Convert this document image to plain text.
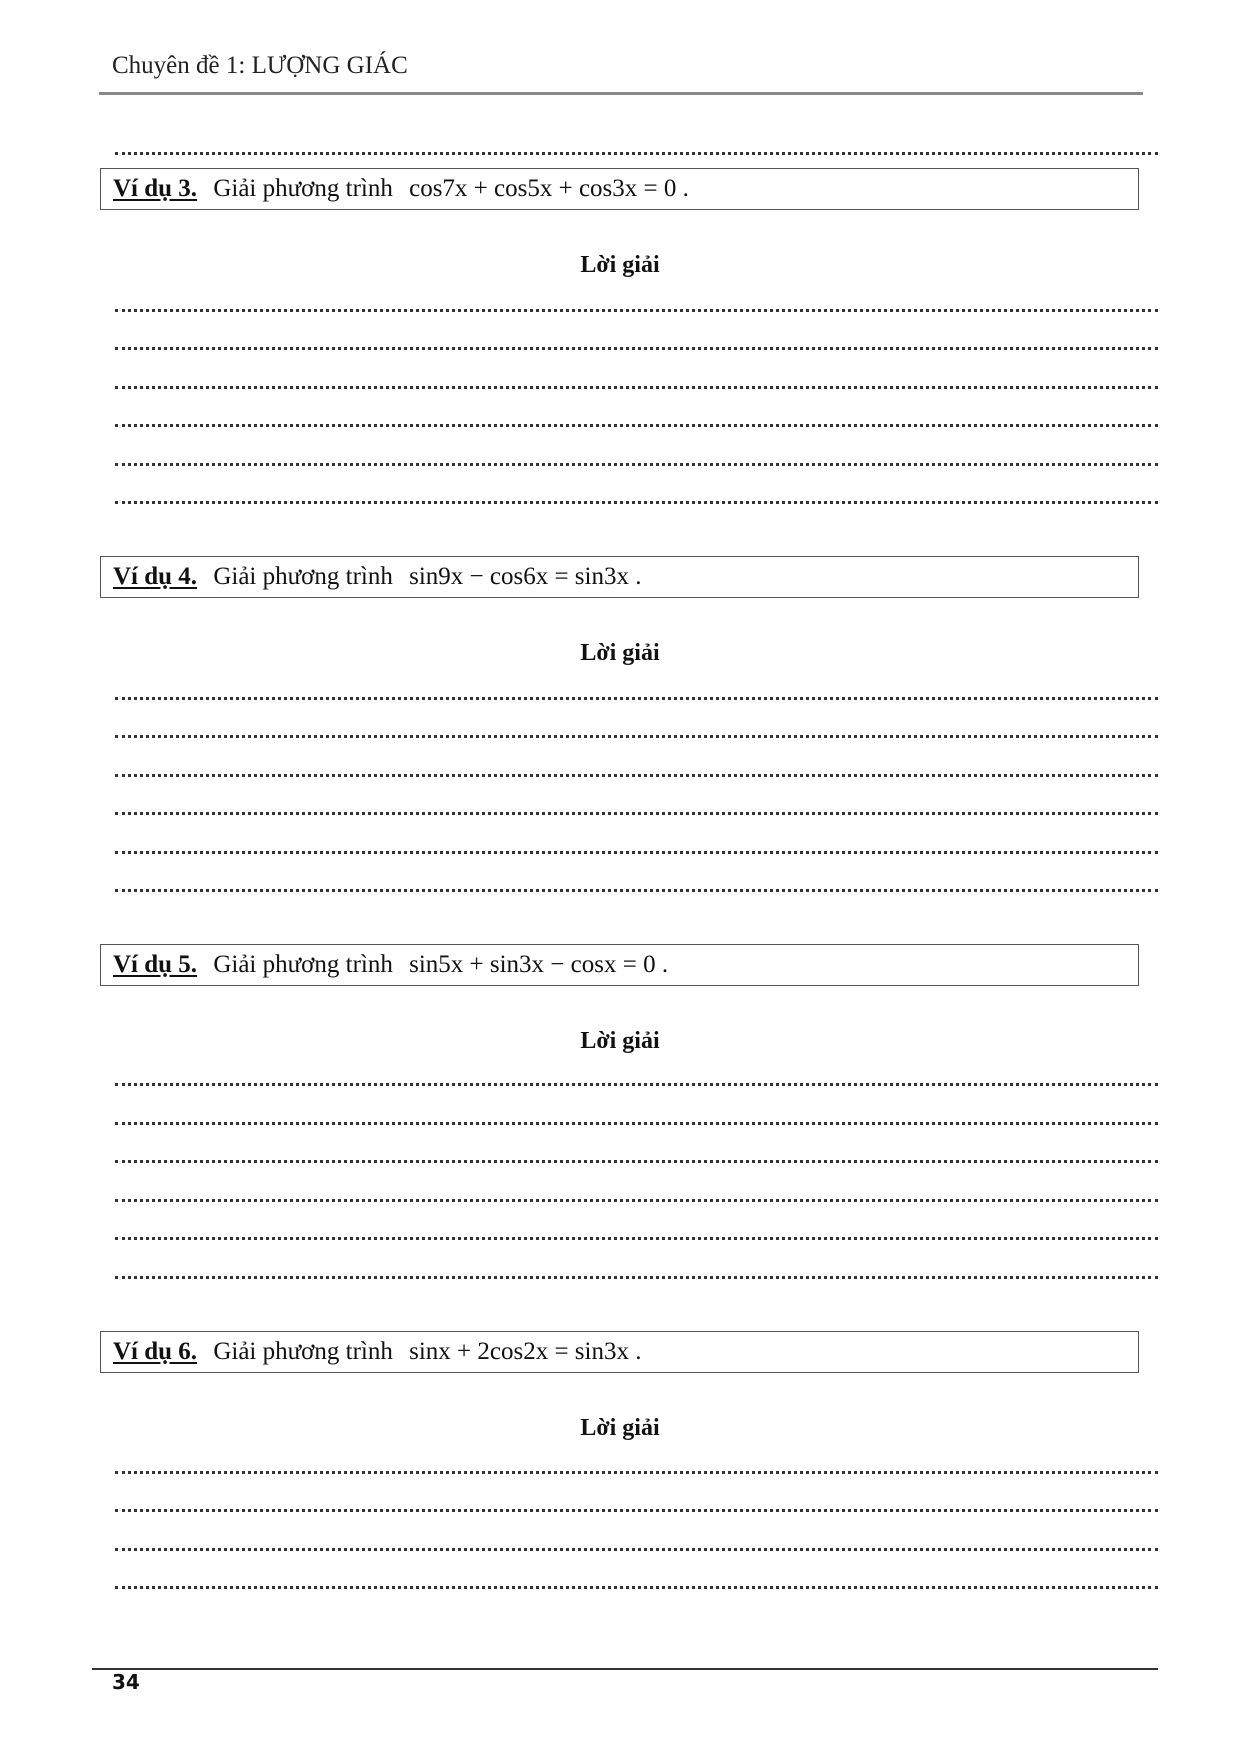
Chuyên đề 1: LƯỢNG GIÁC
Ví dụ 3. Giải phương trình cos7x + cos5x + cos3x = 0 .
Lời giải
Ví dụ 4. Giải phương trình sin9x − cos6x = sin3x .
Lời giải
Ví dụ 5. Giải phương trình sin5x + sin3x − cosx = 0 .
Lời giải
Ví dụ 6. Giải phương trình sinx + 2cos2x = sin3x .
Lời giải
34
